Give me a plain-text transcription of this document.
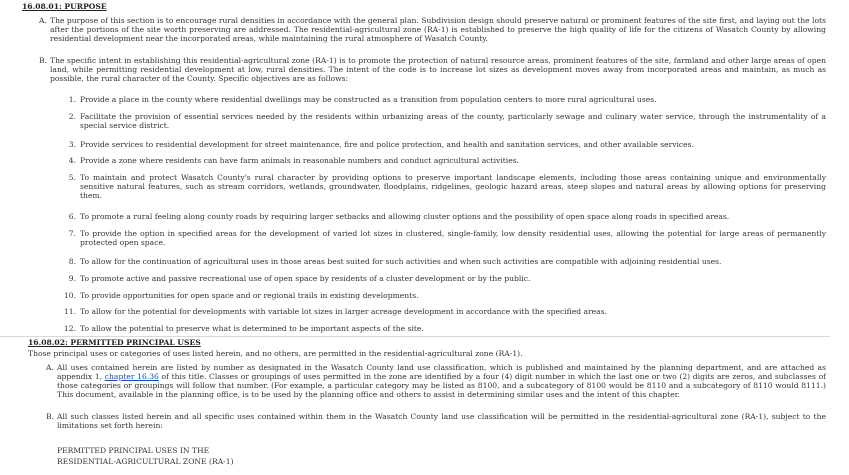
16.08.01: PURPOSE
A. The purpose of this section is to encourage rural densities in accordance with the general plan. Subdivision design should preserve natural or prominent features of the site first, and laying out the lots after the portions of the site worth preserving are addressed. The residential-agricultural zone (RA-1) is established to preserve the high quality of life for the citizens of Wasatch County by allowing residential development near the incorporated areas, while maintaining the rural atmosphere of Wasatch County.
B. The specific intent in establishing this residential-agricultural zone (RA-1) is to promote the protection of natural resource areas, prominent features of the site, farmland and other large areas of open land, while permitting residential development at low, rural densities. The intent of the code is to increase lot sizes as development moves away from incorporated areas and maintain, as much as possible, the rural character of the County. Specific objectives are as follows:
1. Provide a place in the county where residential dwellings may be constructed as a transition from population centers to more rural agricultural uses.
2. Facilitate the provision of essential services needed by the residents within urbanizing areas of the county, particularly sewage and culinary water service, through the instrumentality of a special service district.
3. Provide services to residential development for street maintenance, fire and police protection, and health and sanitation services, and other available services.
4. Provide a zone where residents can have farm animals in reasonable numbers and conduct agricultural activities.
5. To maintain and protect Wasatch County's rural character by providing options to preserve important landscape elements, including those areas containing unique and environmentally sensitive natural features, such as stream corridors, wetlands, groundwater, floodplains, ridgelines, geologic hazard areas, steep slopes and natural areas by allowing options for preserving them.
6. To promote a rural feeling along county roads by requiring larger setbacks and allowing cluster options and the possibility of open space along roads in specified areas.
7. To provide the option in specified areas for the development of varied lot sizes in clustered, single-family, low density residential uses, allowing the potential for large areas of permanently protected open space.
8. To allow for the continuation of agricultural uses in those areas best suited for such activities and when such activities are compatible with adjoining residential uses.
9. To promote active and passive recreational use of open space by residents of a cluster development or by the public.
10. To provide opportunities for open space and or regional trails in existing developments.
11. To allow for the potential for developments with variable lot sizes in larger acreage development in accordance with the specified areas.
12. To allow the potential to preserve what is determined to be important aspects of the site.
16.08.02: PERMITTED PRINCIPAL USES
Those principal uses or categories of uses listed herein, and no others, are permitted in the residential-agricultural zone (RA-1).
A. All uses contained herein are listed by number as designated in the Wasatch County land use classification, which is published and maintained by the planning department, and are attached as appendix 1, chapter 16.36 of this title. Classes or groupings of uses permitted in the zone are identified by a four (4) digit number in which the last one or two (2) digits are zeros, and subclasses of those categories or groupings will follow that number. (For example, a particular category may be listed as 8100, and a subcategory of 8100 would be 8110 and a subcategory of 8110 would 8111.) This document, available in the planning office, is to be used by the planning office and others to assist in determining similar uses and the intent of this chapter.
B. All such classes listed herein and all specific uses contained within them in the Wasatch County land use classification will be permitted in the residential-agricultural zone (RA-1), subject to the limitations set forth herein:
PERMITTED PRINCIPAL USES IN THE
RESIDENTIAL-AGRICULTURAL ZONE (RA-1)
